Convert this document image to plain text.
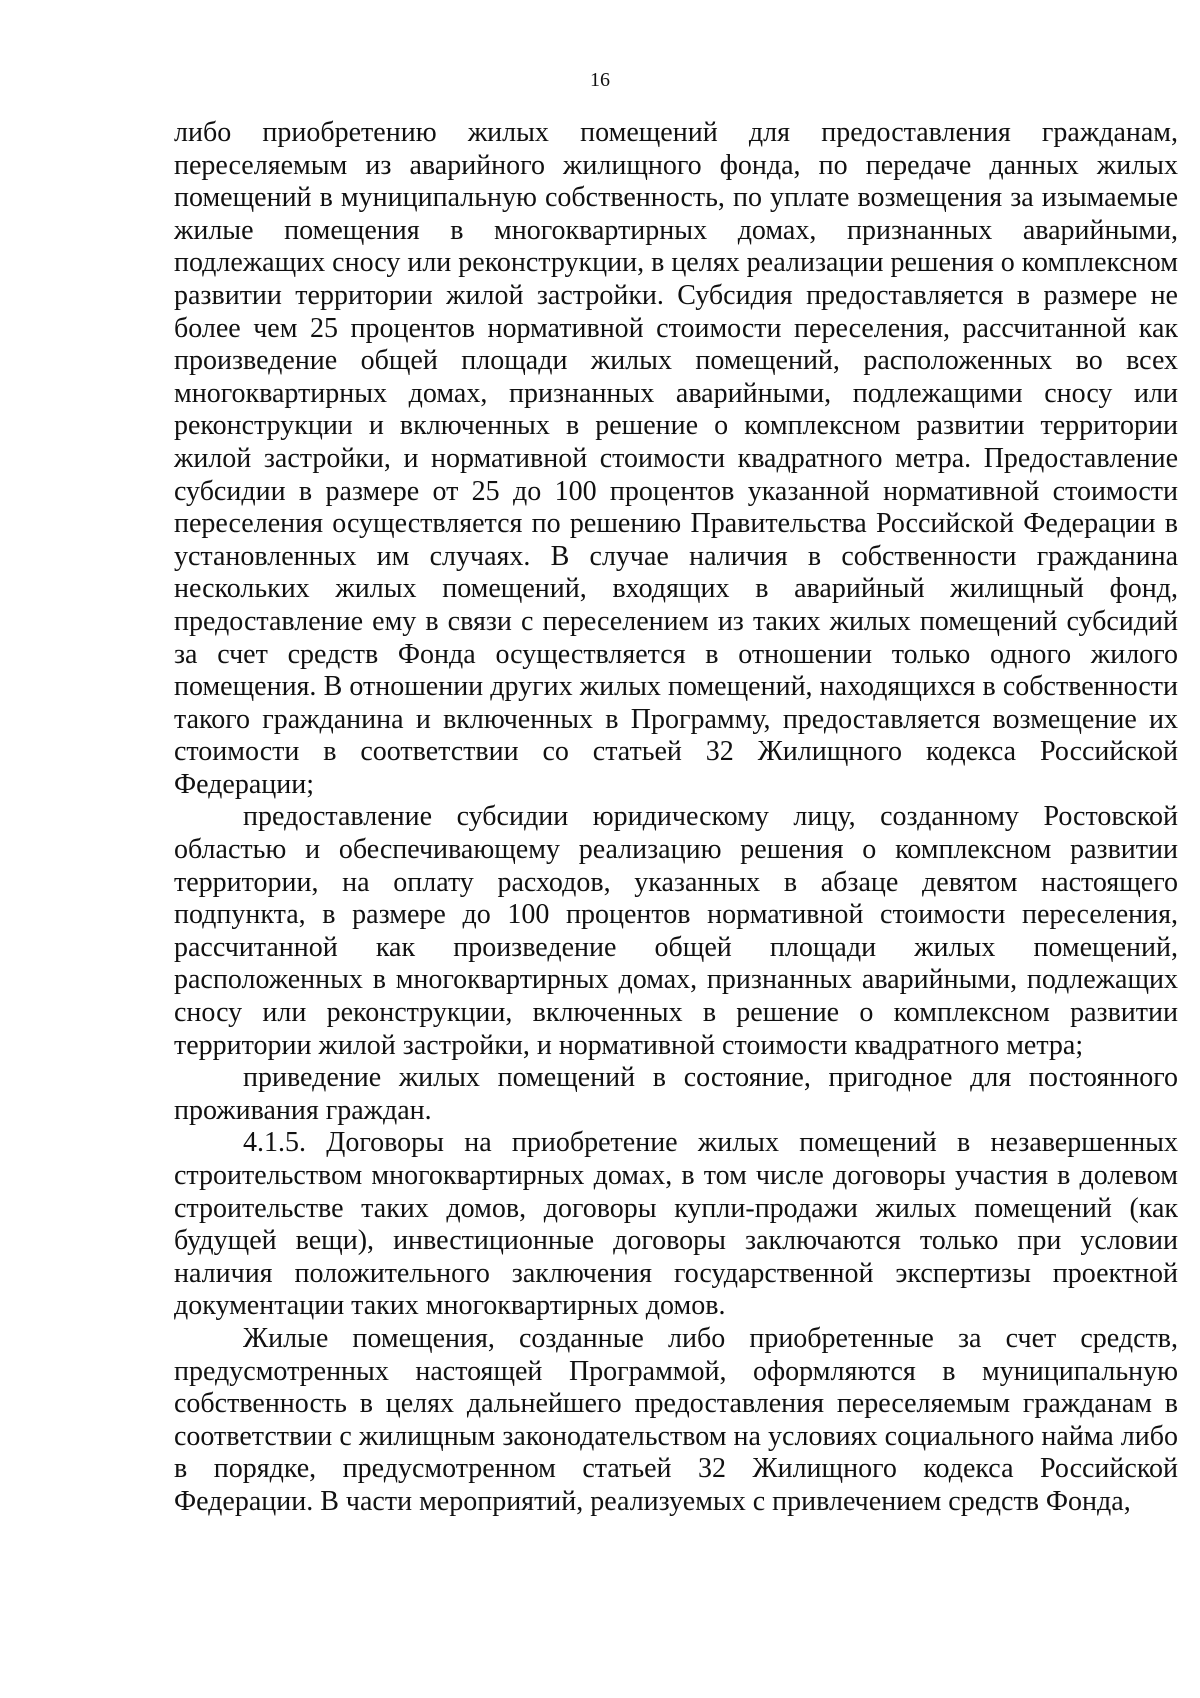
16

либо приобретению жилых помещений для предоставления гражданам, переселяемым из аварийного жилищного фонда, по передаче данных жилых помещений в муниципальную собственность, по уплате возмещения за изымаемые жилые помещения в многоквартирных домах, признанных аварийными, подлежащих сносу или реконструкции, в целях реализации решения о комплексном развитии территории жилой застройки. Субсидия предоставляется в размере не более чем 25 процентов нормативной стоимости переселения, рассчитанной как произведение общей площади жилых помещений, расположенных во всех многоквартирных домах, признанных аварийными, подлежащими сносу или реконструкции и включенных в решение о комплексном развитии территории жилой застройки, и нормативной стоимости квадратного метра. Предоставление субсидии в размере от 25 до 100 процентов указанной нормативной стоимости переселения осуществляется по решению Правительства Российской Федерации в установленных им случаях. В случае наличия в собственности гражданина нескольких жилых помещений, входящих в аварийный жилищный фонд, предоставление ему в связи с переселением из таких жилых помещений субсидий за счет средств Фонда осуществляется в отношении только одного жилого помещения. В отношении других жилых помещений, находящихся в собственности такого гражданина и включенных в Программу, предоставляется возмещение их стоимости в соответствии со статьей 32 Жилищного кодекса Российской Федерации;

предоставление субсидии юридическому лицу, созданному Ростовской областью и обеспечивающему реализацию решения о комплексном развитии территории, на оплату расходов, указанных в абзаце девятом настоящего подпункта, в размере до 100 процентов нормативной стоимости переселения, рассчитанной как произведение общей площади жилых помещений, расположенных в многоквартирных домах, признанных аварийными, подлежащих сносу или реконструкции, включенных в решение о комплексном развитии территории жилой застройки, и нормативной стоимости квадратного метра;

приведение жилых помещений в состояние, пригодное для постоянного проживания граждан.

4.1.5. Договоры на приобретение жилых помещений в незавершенных строительством многоквартирных домах, в том числе договоры участия в долевом строительстве таких домов, договоры купли-продажи жилых помещений (как будущей вещи), инвестиционные договоры заключаются только при условии наличия положительного заключения государственной экспертизы проектной документации таких многоквартирных домов.

Жилые помещения, созданные либо приобретенные за счет средств, предусмотренных настоящей Программой, оформляются в муниципальную собственность в целях дальнейшего предоставления переселяемым гражданам в соответствии с жилищным законодательством на условиях социального найма либо в порядке, предусмотренном статьей 32 Жилищного кодекса Российской Федерации. В части мероприятий, реализуемых с привлечением средств Фонда,
